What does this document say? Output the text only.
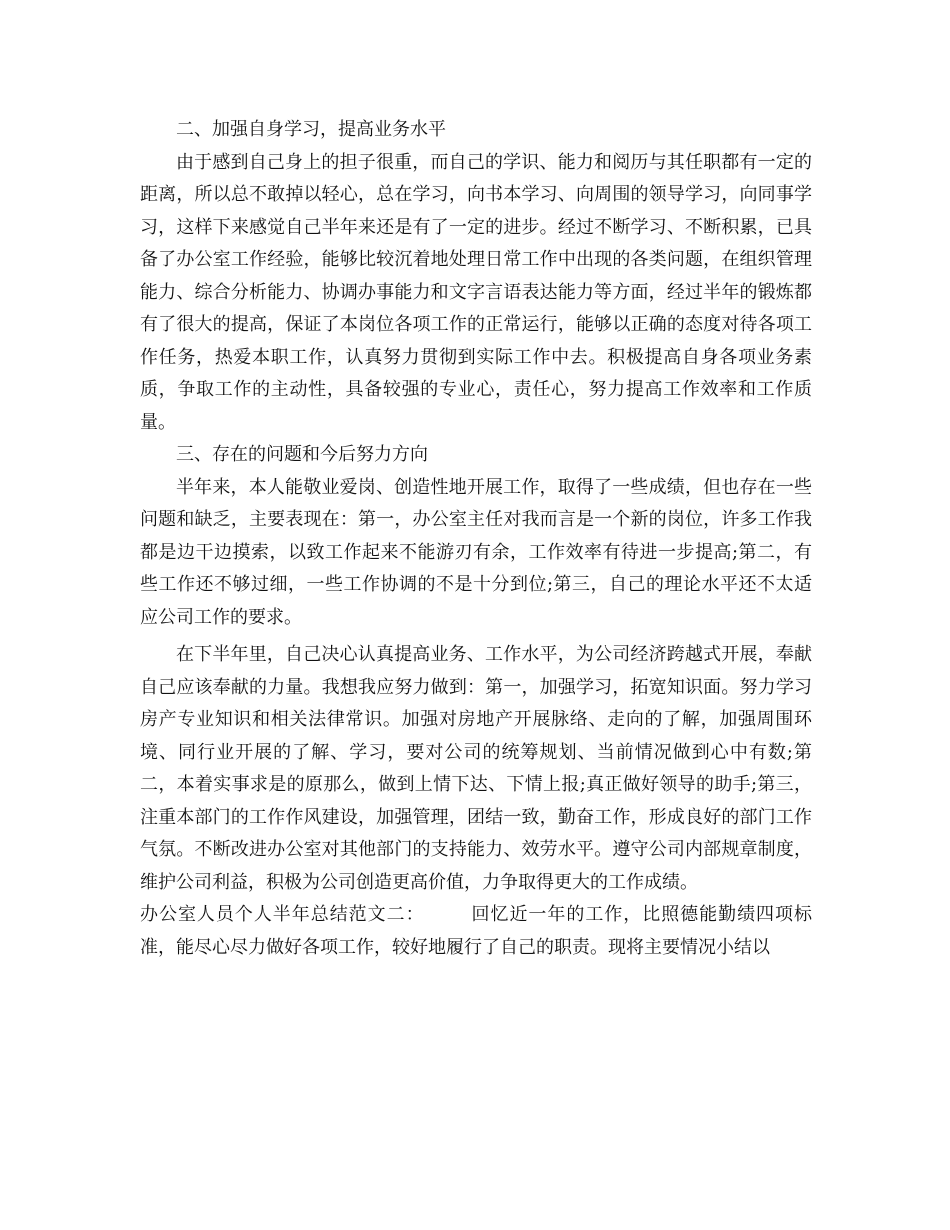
二、加强自身学习，提高业务水平

由于感到自己身上的担子很重，而自己的学识、能力和阅历与其任职都有一定的距离，所以总不敢掉以轻心，总在学习，向书本学习、向周围的领导学习，向同事学习，这样下来感觉自己半年来还是有了一定的进步。经过不断学习、不断积累，已具备了办公室工作经验，能够比较沉着地处理日常工作中出现的各类问题，在组织管理能力、综合分析能力、协调办事能力和文字言语表达能力等方面，经过半年的锻炼都有了很大的提高，保证了本岗位各项工作的正常运行，能够以正确的态度对待各项工作任务，热爱本职工作，认真努力贯彻到实际工作中去。积极提高自身各项业务素质，争取工作的主动性，具备较强的专业心，责任心，努力提高工作效率和工作质量。

三、存在的问题和今后努力方向

半年来，本人能敬业爱岗、创造性地开展工作，取得了一些成绩，但也存在一些问题和缺乏，主要表现在：第一，办公室主任对我而言是一个新的岗位，许多工作我都是边干边摸索，以致工作起来不能游刃有余，工作效率有待进一步提高;第二，有些工作还不够过细，一些工作协调的不是十分到位;第三，自己的理论水平还不太适应公司工作的要求。

在下半年里，自己决心认真提高业务、工作水平，为公司经济跨越式开展，奉献自己应该奉献的力量。我想我应努力做到：第一，加强学习，拓宽知识面。努力学习房产专业知识和相关法律常识。加强对房地产开展脉络、走向的了解，加强周围环境、同行业开展的了解、学习，要对公司的统筹规划、当前情况做到心中有数;第二，本着实事求是的原那么，做到上情下达、下情上报;真正做好领导的助手;第三，注重本部门的工作作风建设，加强管理，团结一致，勤奋工作，形成良好的部门工作气氛。不断改进办公室对其他部门的支持能力、效劳水平。遵守公司内部规章制度，维护公司利益，积极为公司创造更高价值，力争取得更大的工作成绩。

办公室人员个人半年总结范文二：	回忆近一年的工作，比照德能勤绩四项标准，能尽心尽力做好各项工作，较好地履行了自己的职责。现将主要情况小结以
